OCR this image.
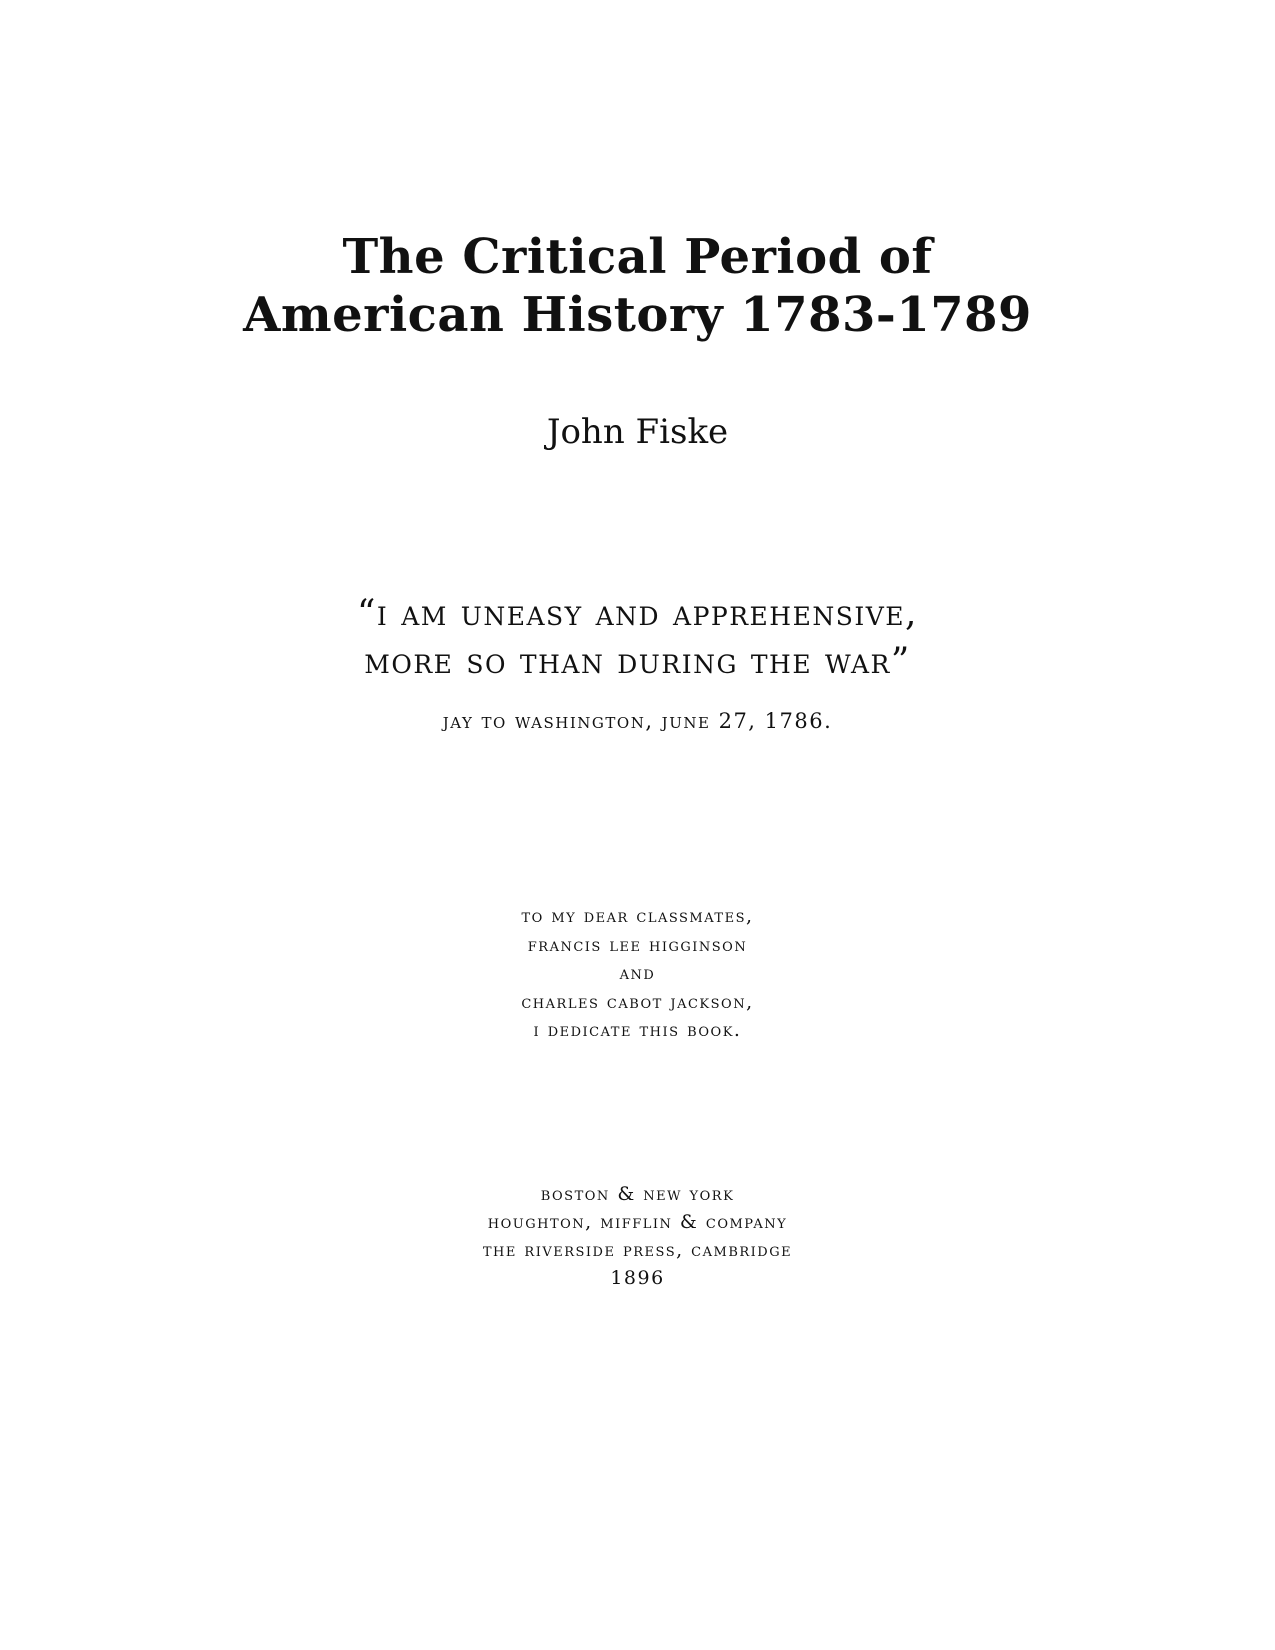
The Critical Period of
American History 1783-1789
John Fiske
“i am uneasy and apprehensive,
more so than during the war”
jay to washington, june 27, 1786.
to my dear classmates,
francis lee higginson
and
charles cabot jackson,
i dedicate this book.
boston & new york
houghton, mifflin & company
the riverside press, cambridge
1896
